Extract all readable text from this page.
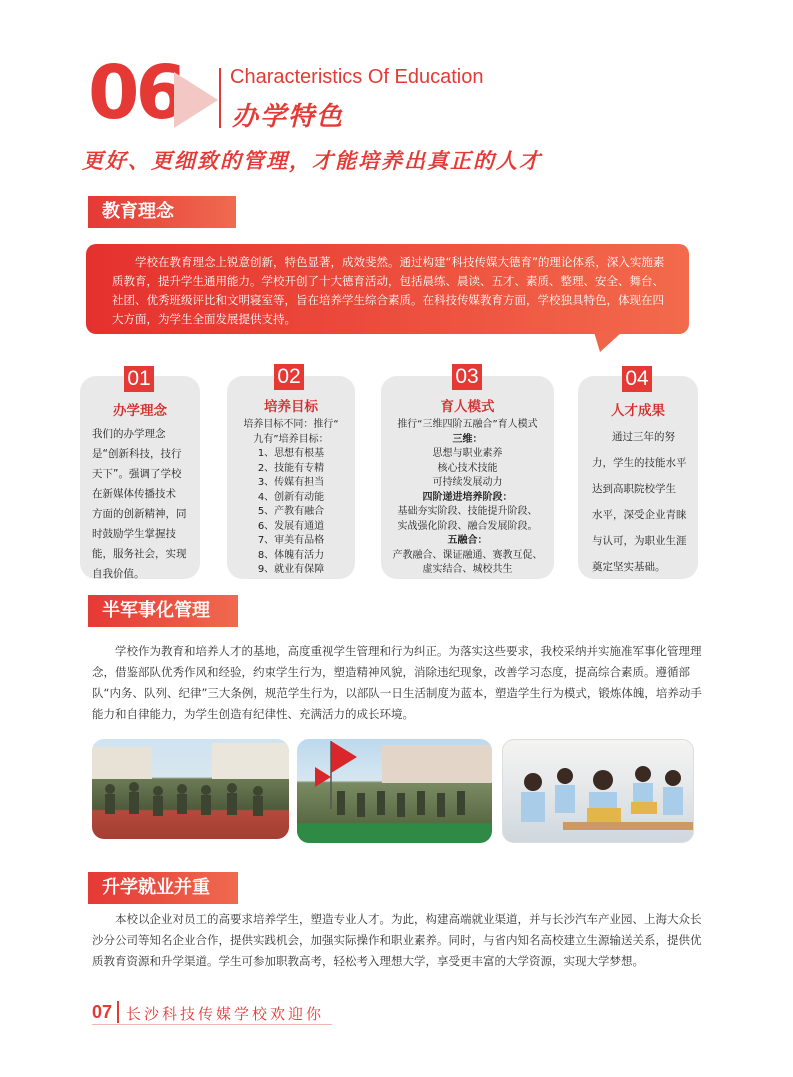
06 Characteristics Of Education
办学特色
更好、更细致的管理，才能培养出真正的人才
教育理念
学校在教育理念上锐意创新，特色显著，成效斐然。通过构建“科技传媒大德育”的理论体系，深入实施素质教育，提升学生通用能力。学校开创了十大德育活动，包括晨练、晨读、五才、素质、整理、安全、舞台、社团、优秀班级评比和文明寝室等，旨在培养学生综合素质。在科技传媒教育方面，学校独具特色，体现在四大方面，为学生全面发展提供支持。
办学理念
我们的办学理念
是“创新科技，技行
天下”。强调了学校
在新媒体传播技术
方面的创新精神，同
时鼓励学生掌握技
能，服务社会，实现
自我价值。
01
培养目标
培养目标不同：推行“
九有”培养目标：
1、思想有根基
2、技能有专精
3、传媒有担当
4、创新有动能
5、产教有融合
6、发展有通道
7、审美有品格
8、体魄有活力
9、就业有保障
02
育人模式
推行“三维四阶五融合”育人模式
三维：
思想与职业素养
核心技术技能
可持续发展动力
四阶递进培养阶段：
基础夯实阶段、技能提升阶段、
实战强化阶段、融合发展阶段。
五融合：
产教融合、课证融通、赛教互促、
虚实结合、城校共生
03
人才成果
通过三年的努
力，学生的技能水平
达到高职院校学生
水平，深受企业青睐
与认可，为职业生涯
奠定坚实基础。
04
半军事化管理
学校作为教育和培养人才的基地，高度重视学生管理和行为纠正。为落实这些要求，我校采纳并实施准军事化管理理念，借鉴部队优秀作风和经验，约束学生行为，塑造精神风貌，消除违纪现象，改善学习态度，提高综合素质。遵循部队“内务、队列、纪律”三大条例，规范学生行为，以部队一日生活制度为蓝本，塑造学生行为模式，锻炼体魄，培养动手能力和自律能力，为学生创造有纪律性、充满活力的成长环境。
升学就业并重
本校以企业对员工的高要求培养学生，塑造专业人才。为此，构建高端就业渠道，并与长沙汽车产业园、上海大众长沙分公司等知名企业合作，提供实践机会，加强实际操作和职业素养。同时，与省内知名高校建立生源输送关系，提供优质教育资源和升学渠道。学生可参加职教高考，轻松考入理想大学，享受更丰富的大学资源，实现大学梦想。
07 长沙科技传媒学校欢迎你
